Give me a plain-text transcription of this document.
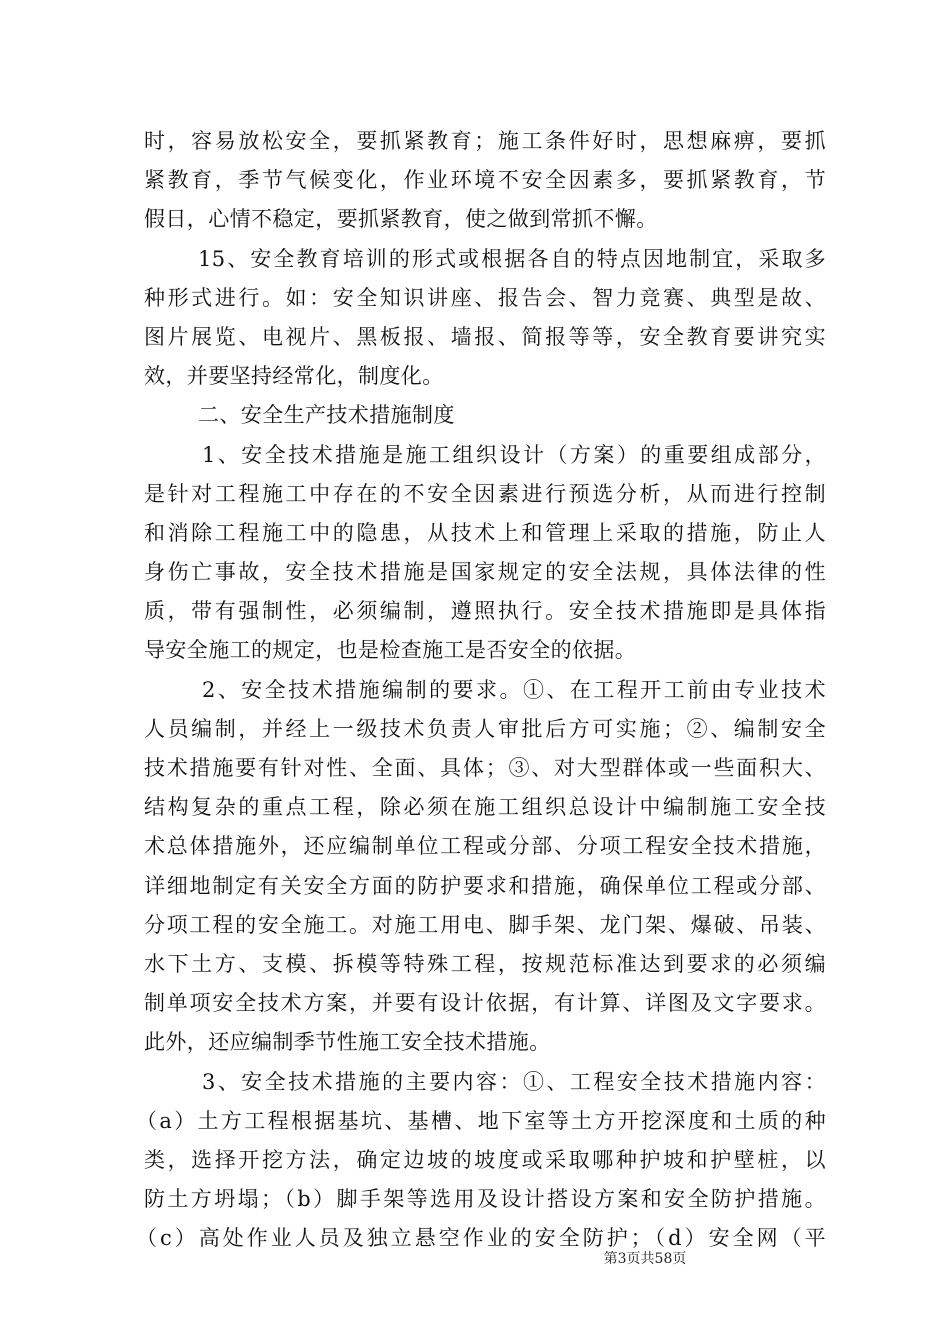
时，容易放松安全，要抓紧教育；施工条件好时，思想麻痹，要抓
紧教育，季节气候变化，作业环境不安全因素多，要抓紧教育，节
假日，心情不稳定，要抓紧教育，使之做到常抓不懈。
15、安全教育培训的形式或根据各自的特点因地制宜，采取多
种形式进行。如：安全知识讲座、报告会、智力竞赛、典型是故、
图片展览、电视片、黑板报、墙报、简报等等，安全教育要讲究实
效，并要坚持经常化，制度化。
二、安全生产技术措施制度
1、安全技术措施是施工组织设计（方案）的重要组成部分，
是针对工程施工中存在的不安全因素进行预选分析，从而进行控制
和消除工程施工中的隐患，从技术上和管理上采取的措施，防止人
身伤亡事故，安全技术措施是国家规定的安全法规，具体法律的性
质，带有强制性，必须编制，遵照执行。安全技术措施即是具体指
导安全施工的规定，也是检查施工是否安全的依据。
2、安全技术措施编制的要求。①、在工程开工前由专业技术
人员编制，并经上一级技术负责人审批后方可实施；②、编制安全
技术措施要有针对性、全面、具体；③、对大型群体或一些面积大、
结构复杂的重点工程，除必须在施工组织总设计中编制施工安全技
术总体措施外，还应编制单位工程或分部、分项工程安全技术措施，
详细地制定有关安全方面的防护要求和措施，确保单位工程或分部、
分项工程的安全施工。对施工用电、脚手架、龙门架、爆破、吊装、
水下土方、支模、拆模等特殊工程，按规范标准达到要求的必须编
制单项安全技术方案，并要有设计依据，有计算、详图及文字要求。
此外，还应编制季节性施工安全技术措施。
3、安全技术措施的主要内容：①、工程安全技术措施内容：
（a）土方工程根据基坑、基槽、地下室等土方开挖深度和土质的种
类，选择开挖方法，确定边坡的坡度或采取哪种护坡和护壁桩，以
防土方坍塌；（b）脚手架等选用及设计搭设方案和安全防护措施。
（c）高处作业人员及独立悬空作业的安全防护；（d）安全网（平
第3页共58页
